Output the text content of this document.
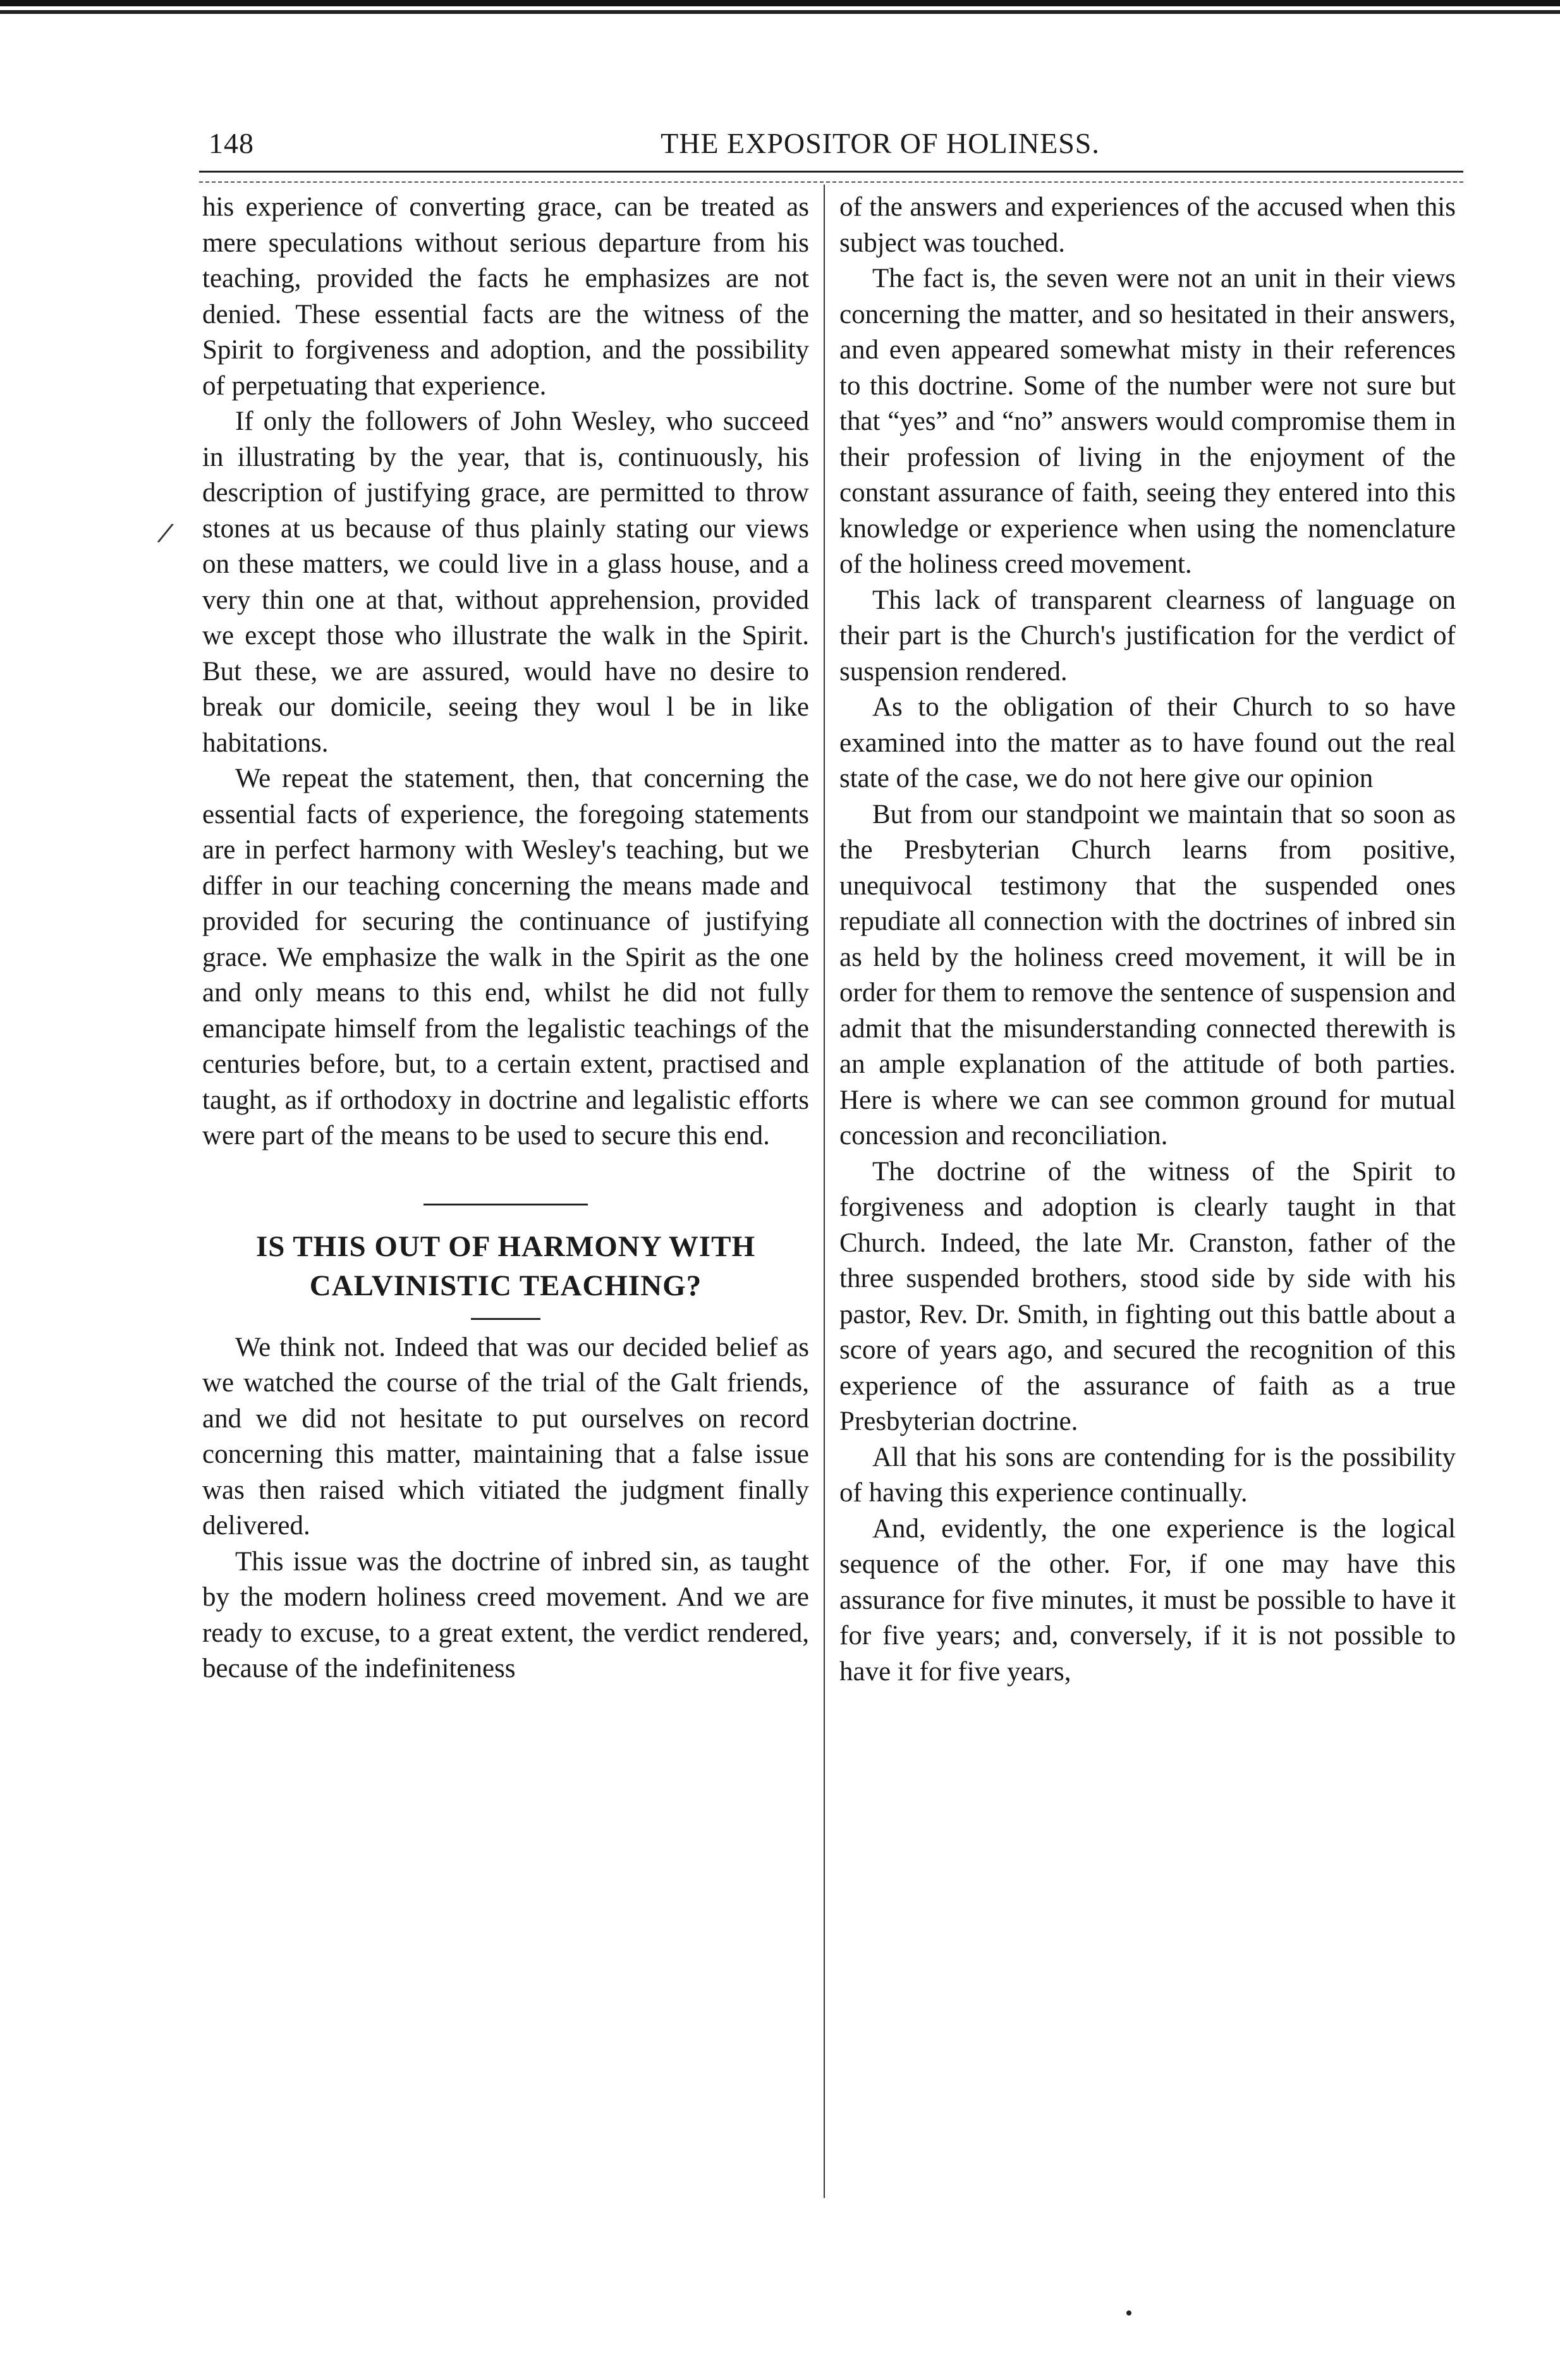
148	THE EXPOSITOR OF HOLINESS.
/

his experience of converting grace, can be treated as mere speculations without serious departure from his teaching, provided the facts he emphasizes are not denied. These essential facts are the witness of the Spirit to forgiveness and adoption, and the possibility of perpetuating that experience.

If only the followers of John Wesley, who succeed in illustrating by the year, that is, continuously, his description of justifying grace, are permitted to throw stones at us because of thus plainly stating our views on these matters, we could live in a glass house, and a very thin one at that, without apprehension, provided we except those who illustrate the walk in the Spirit. But these, we are assured, would have no desire to break our domicile, seeing they woul l be in like habitations.

We repeat the statement, then, that concerning the essential facts of experience, the foregoing statements are in perfect harmony with Wesley's teaching, but we differ in our teaching concerning the means made and provided for securing the continuance of justifying grace. We emphasize the walk in the Spirit as the one and only means to this end, whilst he did not fully emancipate himself from the legalistic teachings of the centuries before, but, to a certain extent, practised and taught, as if orthodoxy in doctrine and legalistic efforts were part of the means to be used to secure this end.

IS THIS OUT OF HARMONY WITH
CALVINISTIC TEACHING?

We think not. Indeed that was our decided belief as we watched the course of the trial of the Galt friends, and we did not hesitate to put ourselves on record concerning this matter, maintaining that a false issue was then raised which vitiated the judgment finally delivered.

This issue was the doctrine of inbred sin, as taught by the modern holiness creed movement. And we are ready to excuse, to a great extent, the verdict rendered, because of the indefiniteness

of the answers and experiences of the accused when this subject was touched.

The fact is, the seven were not an unit in their views concerning the matter, and so hesitated in their answers, and even appeared somewhat misty in their references to this doctrine. Some of the number were not sure but that “yes” and “no” answers would compromise them in their profession of living in the enjoyment of the constant assurance of faith, seeing they entered into this knowledge or experience when using the nomenclature of the holiness creed movement.

This lack of transparent clearness of language on their part is the Church's justification for the verdict of suspension rendered.

As to the obligation of their Church to so have examined into the matter as to have found out the real state of the case, we do not here give our opinion

But from our standpoint we maintain that so soon as the Presbyterian Church learns from positive, unequivocal testimony that the suspended ones repudiate all connection with the doctrines of inbred sin as held by the holiness creed movement, it will be in order for them to remove the sentence of suspension and admit that the misunderstanding connected therewith is an ample explanation of the attitude of both parties. Here is where we can see common ground for mutual concession and reconciliation.

The doctrine of the witness of the Spirit to forgiveness and adoption is clearly taught in that Church. Indeed, the late Mr. Cranston, father of the three suspended brothers, stood side by side with his pastor, Rev. Dr. Smith, in fighting out this battle about a score of years ago, and secured the recognition of this experience of the assurance of faith as a true Presbyterian doctrine.

All that his sons are contending for is the possibility of having this experience continually.

And, evidently, the one experience is the logical sequence of the other. For, if one may have this assurance for five minutes, it must be possible to have it for five years; and, conversely, if it is not possible to have it for five years,
